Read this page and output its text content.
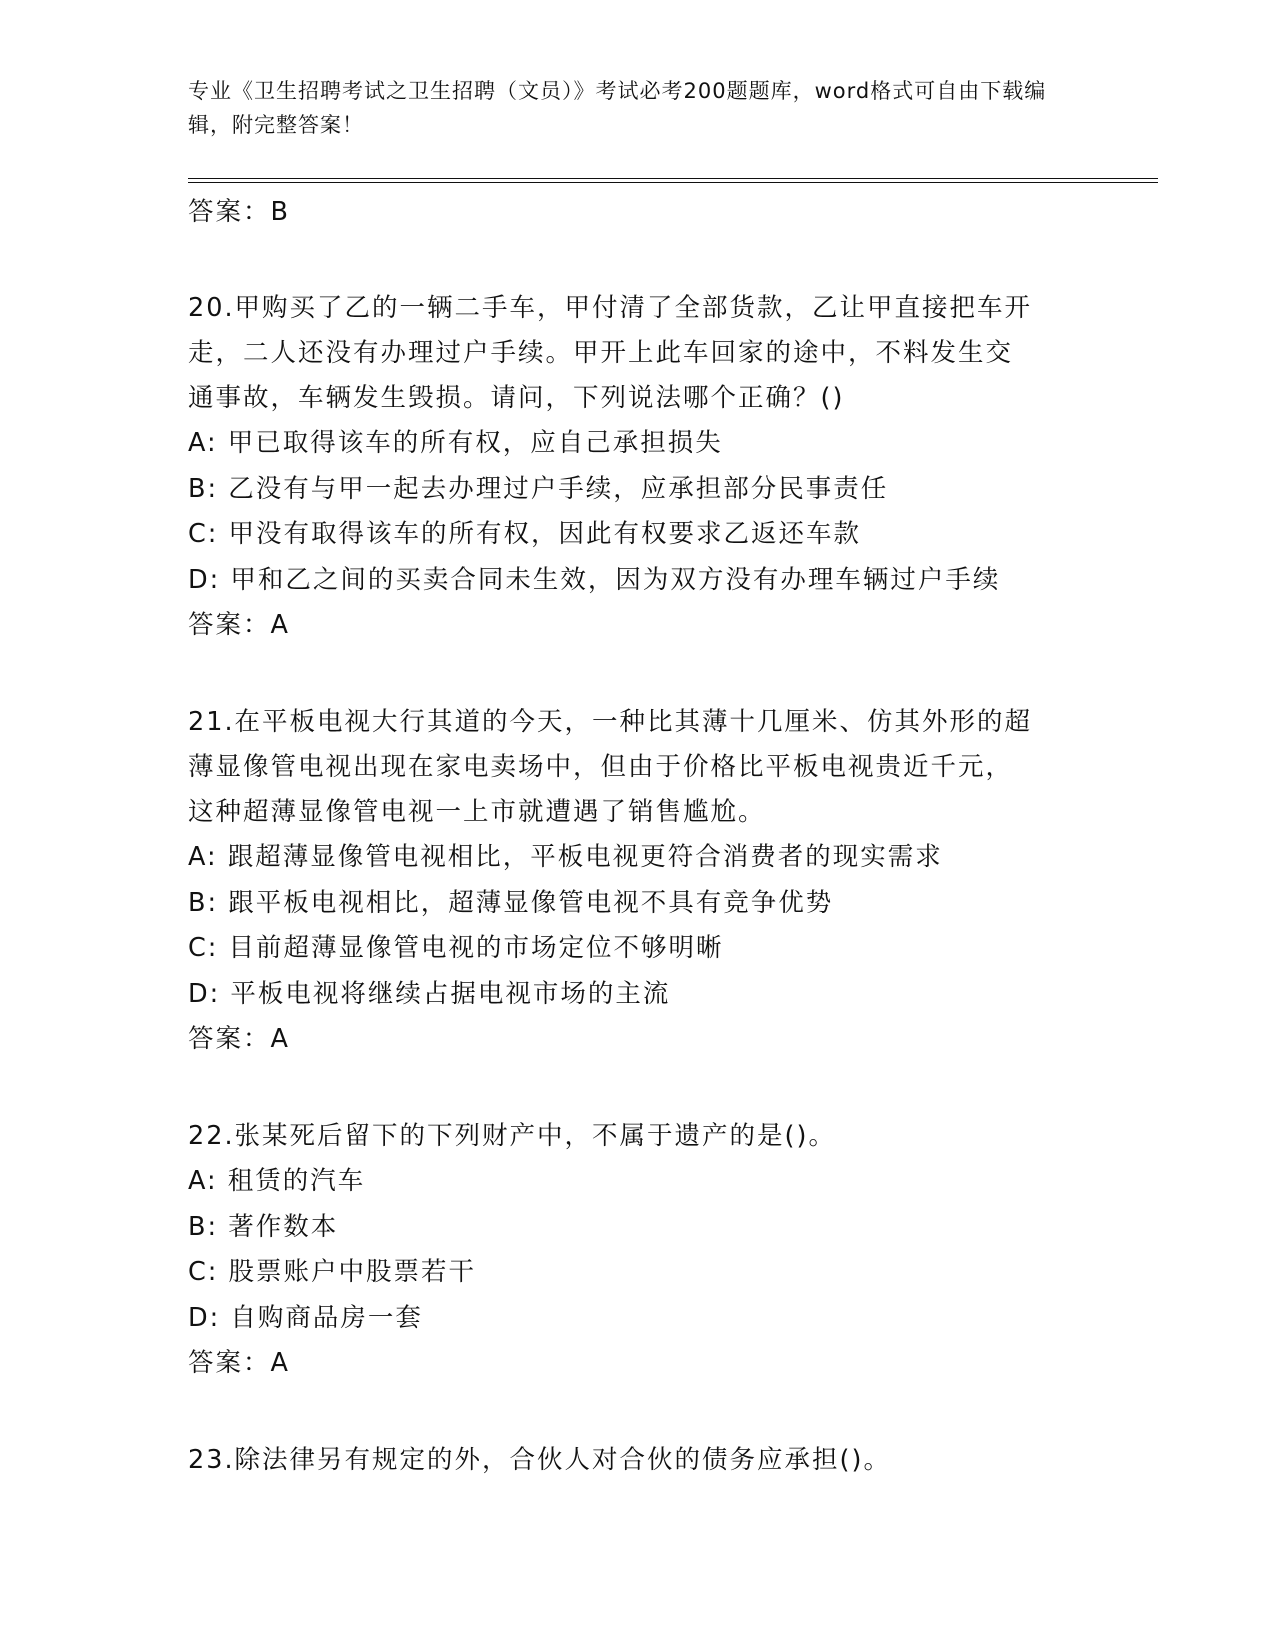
专业《卫生招聘考试之卫生招聘（文员）》考试必考200题题库，word格式可自由下载编辑，附完整答案！
答案：B
20.甲购买了乙的一辆二手车，甲付清了全部货款，乙让甲直接把车开
走，二人还没有办理过户手续。甲开上此车回家的途中，不料发生交
通事故，车辆发生毁损。请问，下列说法哪个正确？()
A: 甲已取得该车的所有权，应自己承担损失
B: 乙没有与甲一起去办理过户手续，应承担部分民事责任
C: 甲没有取得该车的所有权，因此有权要求乙返还车款
D: 甲和乙之间的买卖合同未生效，因为双方没有办理车辆过户手续
答案：A
21.在平板电视大行其道的今天，一种比其薄十几厘米、仿其外形的超
薄显像管电视出现在家电卖场中，但由于价格比平板电视贵近千元，
这种超薄显像管电视一上市就遭遇了销售尴尬。
A: 跟超薄显像管电视相比，平板电视更符合消费者的现实需求
B: 跟平板电视相比，超薄显像管电视不具有竞争优势
C: 目前超薄显像管电视的市场定位不够明晰
D: 平板电视将继续占据电视市场的主流
答案：A
22.张某死后留下的下列财产中，不属于遗产的是()。
A: 租赁的汽车
B: 著作数本
C: 股票账户中股票若干
D: 自购商品房一套
答案：A
23.除法律另有规定的外，合伙人对合伙的债务应承担()。
